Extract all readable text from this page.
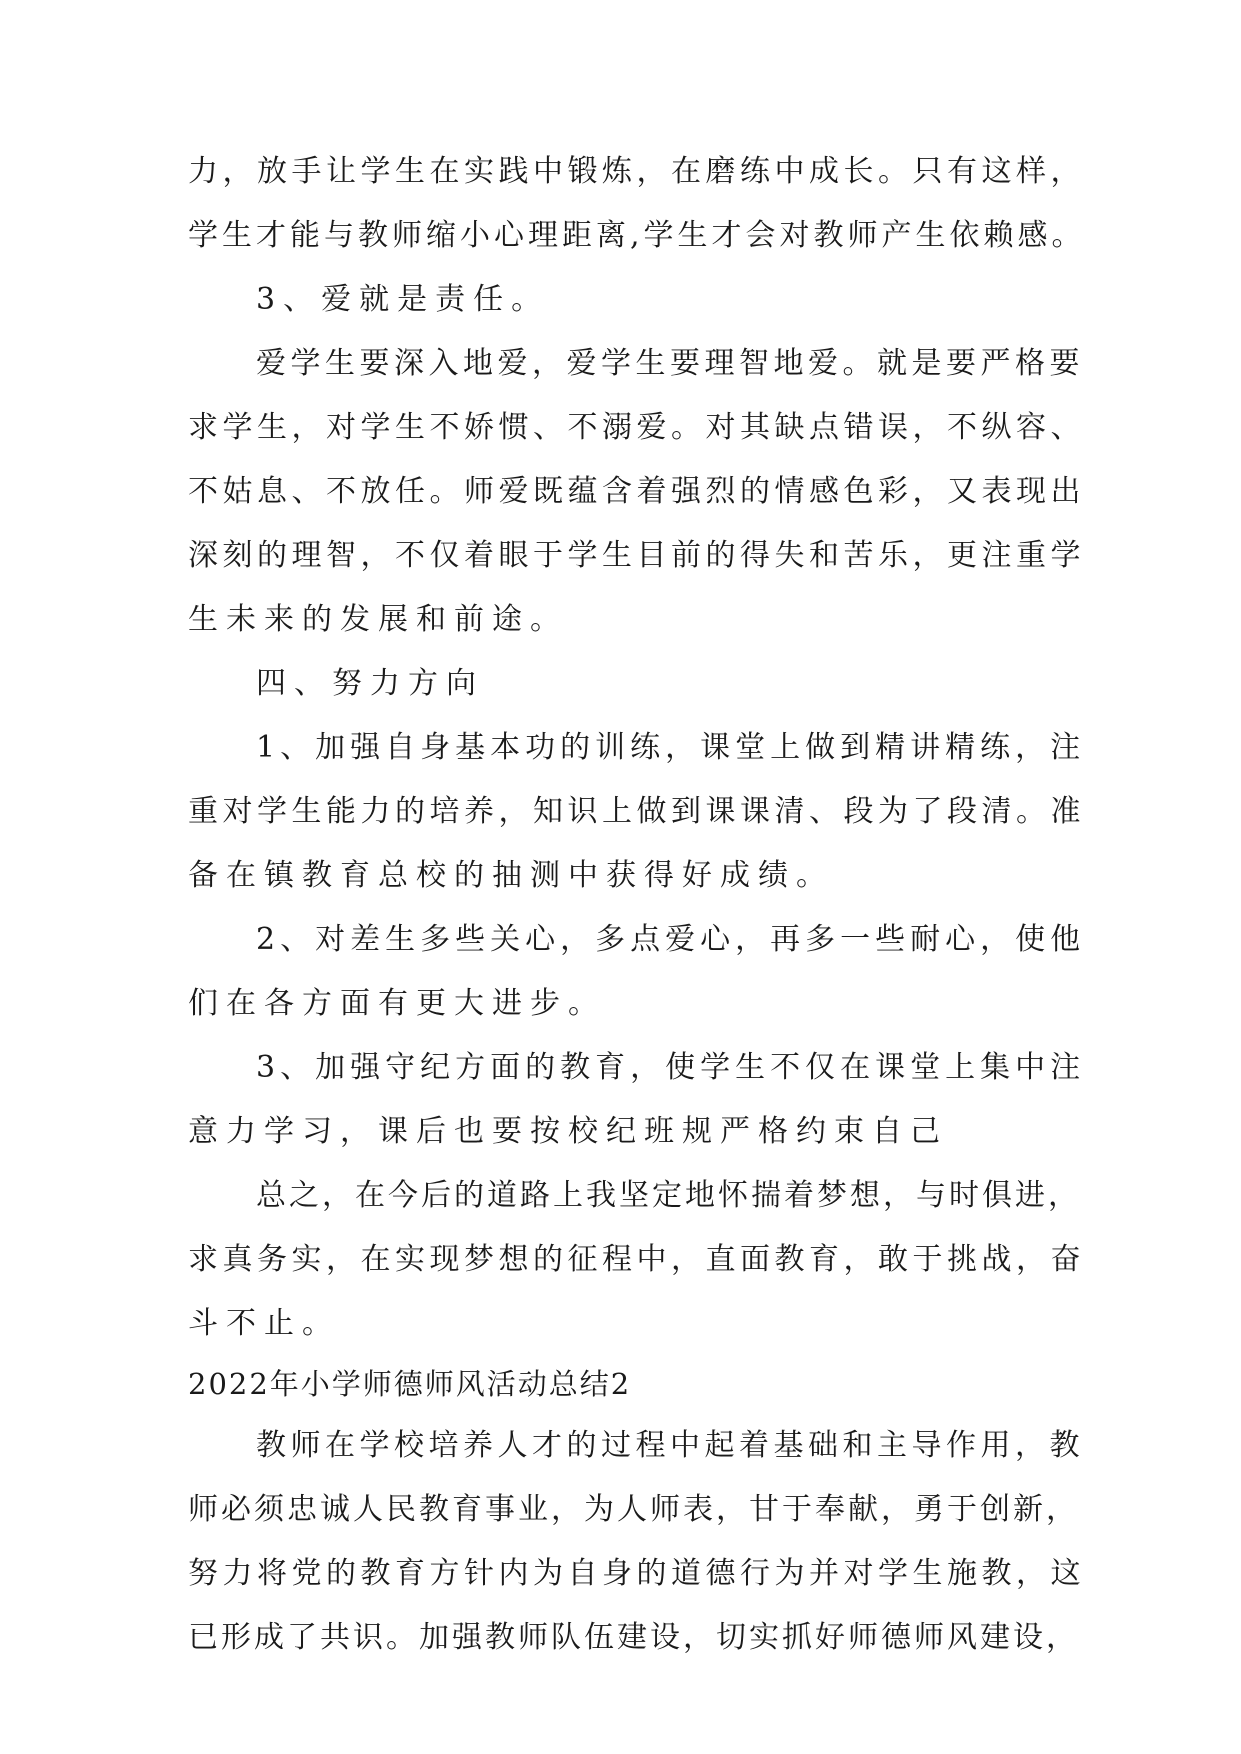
力，放手让学生在实践中锻炼，在磨练中成长。只有这样，
学生才能与教师缩小心理距离,学生才会对教师产生依赖感。
3、爱就是责任。
爱学生要深入地爱，爱学生要理智地爱。就是要严格要
求学生，对学生不娇惯、不溺爱。对其缺点错误，不纵容、
不姑息、不放任。师爱既蕴含着强烈的情感色彩，又表现出
深刻的理智，不仅着眼于学生目前的得失和苦乐，更注重学
生未来的发展和前途。
四、努力方向
1、加强自身基本功的训练，课堂上做到精讲精练，注
重对学生能力的培养，知识上做到课课清、段为了段清。准
备在镇教育总校的抽测中获得好成绩。
2、对差生多些关心，多点爱心，再多一些耐心，使他
们在各方面有更大进步。
3、加强守纪方面的教育，使学生不仅在课堂上集中注
意力学习，课后也要按校纪班规严格约束自己
总之，在今后的道路上我坚定地怀揣着梦想，与时俱进，
求真务实，在实现梦想的征程中，直面教育，敢于挑战，奋
斗不止。
2022年小学师德师风活动总结2
教师在学校培养人才的过程中起着基础和主导作用，教
师必须忠诚人民教育事业，为人师表，甘于奉献，勇于创新，
努力将党的教育方针内为自身的道德行为并对学生施教，这
已形成了共识。加强教师队伍建设，切实抓好师德师风建设，
